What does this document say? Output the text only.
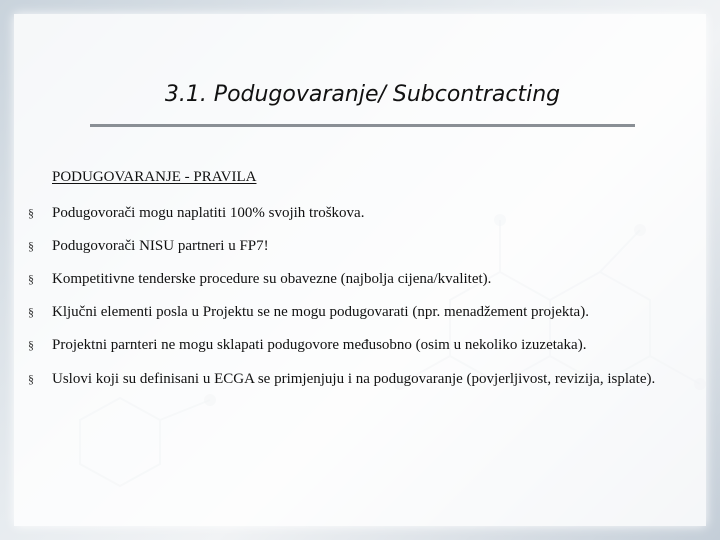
3.1. Podugovaranje/ Subcontracting
PODUGOVARANJE - PRAVILA
§ Podugovorači mogu naplatiti 100% svojih troškova.
§ Podugovorači NISU partneri u FP7!
§ Kompetitivne tenderske procedure su obavezne (najbolja cijena/kvalitet).
§ Ključni elementi posla u Projektu se ne mogu podugovarati (npr. menadžement projekta).
§ Projektni parnteri ne mogu sklapati podugovore međusobno (osim u nekoliko izuzetaka).
§ Uslovi koji su definisani u ECGA se primjenjuju i na podugovaranje (povjerljivost, revizija, isplate).
